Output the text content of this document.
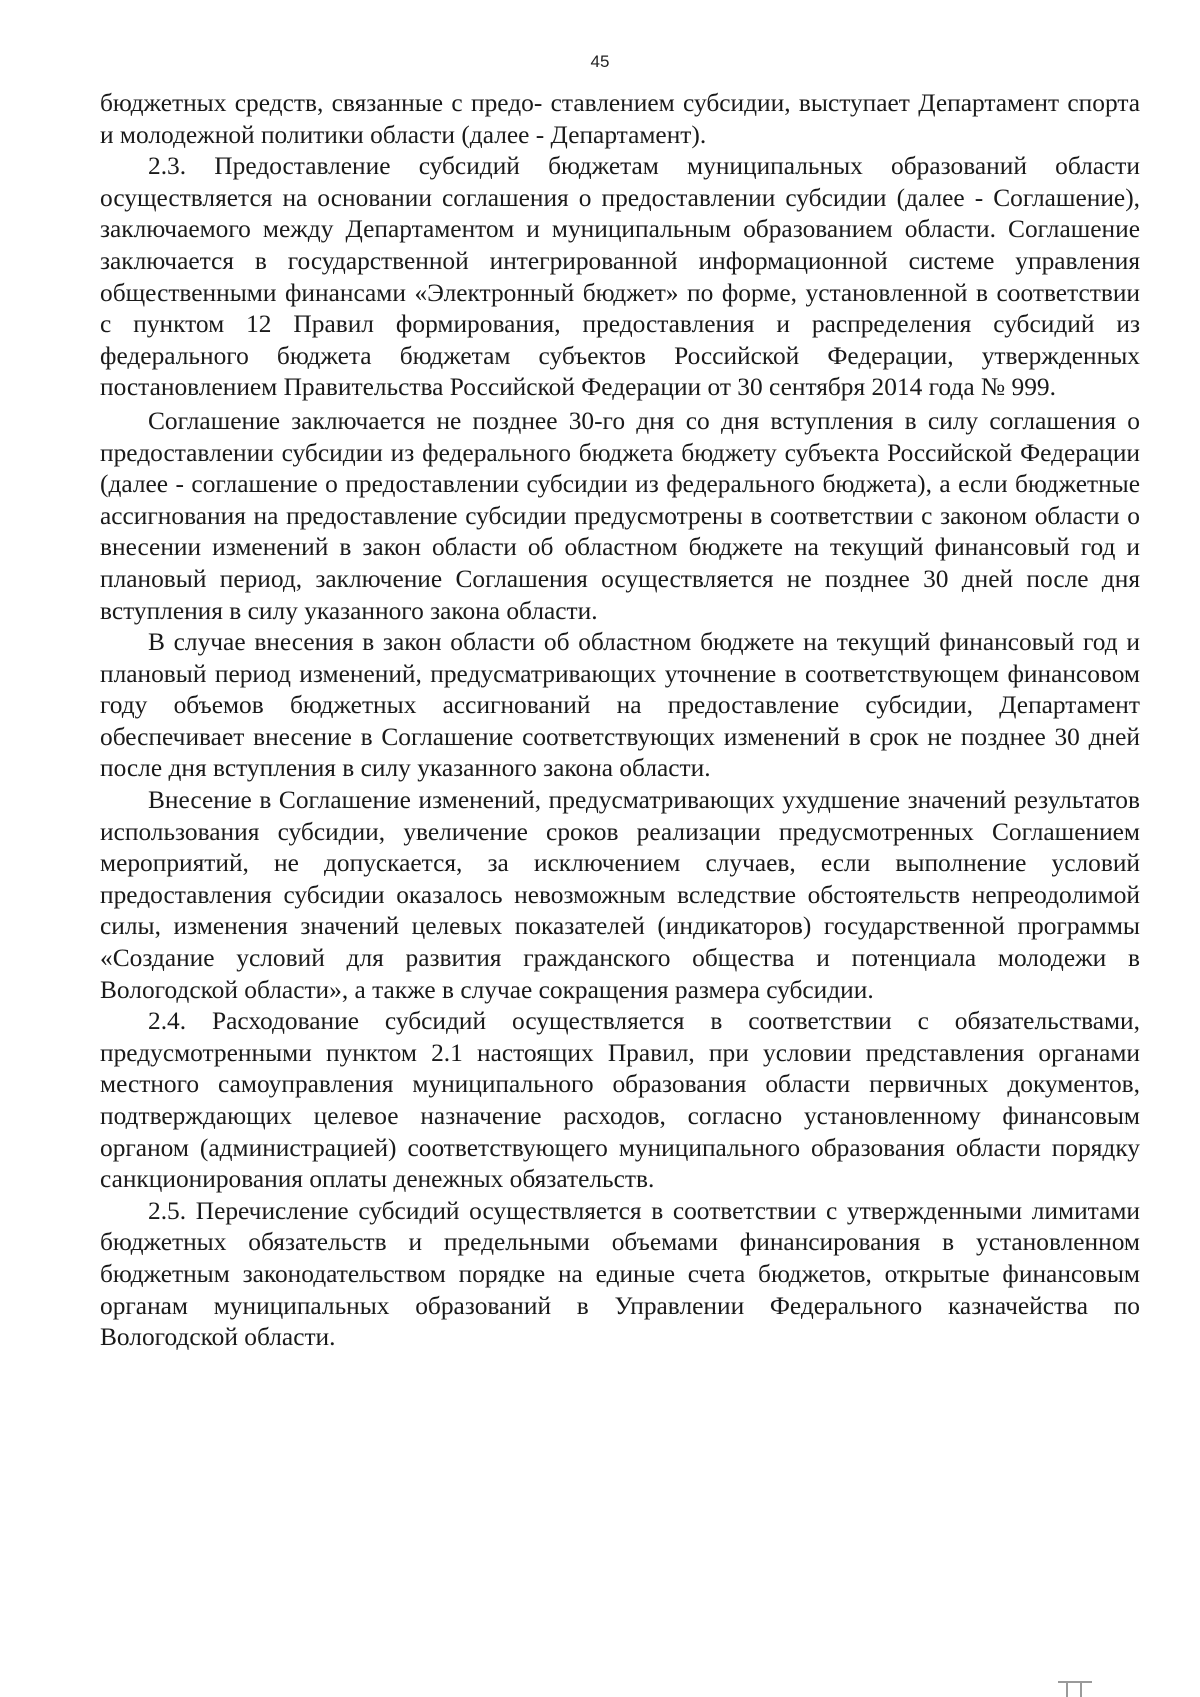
45

бюджетных средств, связанные с предо- ставлением субсидии, выступает Департамент спорта и молодежной политики области (далее - Департамент).

2.3. Предоставление субсидий бюджетам муниципальных образований области осуществляется на основании соглашения о предоставлении субсидии (далее - Соглашение), заключаемого между Департаментом и муниципальным образованием области. Соглашение заключается в государственной интегрированной информационной системе управления общественными финансами «Электронный бюджет» по форме, установленной в соответствии с пунктом 12 Правил формирования, предоставления и распределения субсидий из федерального бюджета бюджетам субъектов Российской Федерации, утвержденных постановлением Правительства Российской Федерации от 30 сентября 2014 года № 999.

Соглашение заключается не позднее 30-го дня со дня вступления в силу соглашения о предоставлении субсидии из федерального бюджета бюджету субъекта Российской Федерации (далее - соглашение о предоставлении субсидии из федерального бюджета), а если бюджетные ассигнования на предоставление субсидии предусмотрены в соответствии с законом области о внесении изменений в закон области об областном бюджете на текущий финансовый год и плановый период, заключение Соглашения осуществляется не позднее 30 дней после дня вступления в силу указанного закона области.

В случае внесения в закон области об областном бюджете на текущий финансовый год и плановый период изменений, предусматривающих уточнение в соответствующем финансовом году объемов бюджетных ассигнований на предоставление субсидии, Департамент обеспечивает внесение в Соглашение соответствующих изменений в срок не позднее 30 дней после дня вступления в силу указанного закона области.

Внесение в Соглашение изменений, предусматривающих ухудшение значений результатов использования субсидии, увеличение сроков реализации предусмотренных Соглашением мероприятий, не допускается, за исключением случаев, если выполнение условий предоставления субсидии оказалось невозможным вследствие обстоятельств непреодолимой силы, изменения значений целевых показателей (индикаторов) государственной программы «Создание условий для развития гражданского общества и потенциала молодежи в Вологодской области», а также в случае сокращения размера субсидии.

2.4. Расходование субсидий осуществляется в соответствии с обязательствами, предусмотренными пунктом 2.1 настоящих Правил, при условии представления органами местного самоуправления муниципального образования области первичных документов, подтверждающих целевое назначение расходов, согласно установленному финансовым органом (администрацией) соответствующего муниципального образования области порядку санкционирования оплаты денежных обязательств.

2.5. Перечисление субсидий осуществляется в соответствии с утвержденными лимитами бюджетных обязательств и предельными объемами финансирования в установленном бюджетным законодательством порядке на единые счета бюджетов, открытые финансовым органам муниципальных образований в Управлении Федерального казначейства по Вологодской области.
